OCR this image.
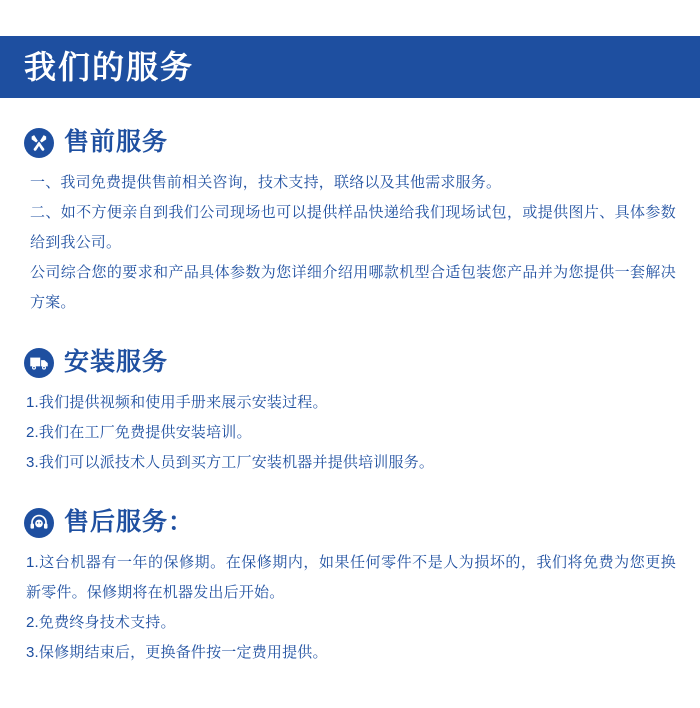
我们的服务
售前服务
一、我司免费提供售前相关咨询，技术支持，联络以及其他需求服务。
二、如不方便亲自到我们公司现场也可以提供样品快递给我们现场试包，或提供图片、具体参数给到我公司。
公司综合您的要求和产品具体参数为您详细介绍用哪款机型合适包装您产品并为您提供一套解决方案。
安装服务
1.我们提供视频和使用手册来展示安装过程。
2.我们在工厂免费提供安装培训。
3.我们可以派技术人员到买方工厂安装机器并提供培训服务。
售后服务：
1.这台机器有一年的保修期。在保修期内，如果任何零件不是人为损坏的，我们将免费为您更换新零件。保修期将在机器发出后开始。
2.免费终身技术支持。
3.保修期结束后，更换备件按一定费用提供。
